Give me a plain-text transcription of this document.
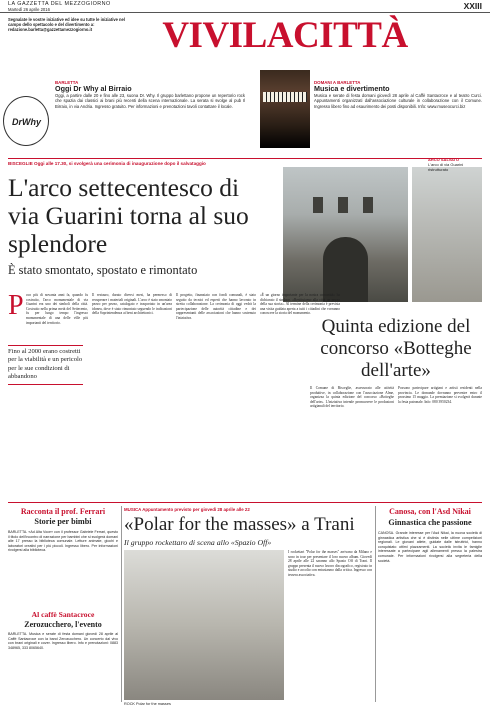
LA GAZZETTA DEL MEZZOGIORNO
Martedì 26 aprile 2016	XXIII
Segnalate le vostre iniziative ed idee su tutte le iniziative nel campo dello spettacolo e del divertimento a: redazione.barletta@gazzettamezzogiorno.it	VIVILACITTÀ
DrWhy
BARLETTA
Oggi Dr Why al Birraio
Oggi, a partire dalle 20 e fino alle 23, suona Dr. Why. Il gruppo barlettano propone un repertorio rock che spazia dai classici ai brani più recenti della scena internazionale. La serata si svolge al pub Il Birraio, in via Andria. Ingresso gratuito. Per informazioni e prenotazioni tavoli contattare il locale.
DOMANI A BARLETTA
Musica e divertimento
Musica e serate di festa domani giovedì 28 aprile al Caffè Santacroce e al teatro Curci. Appuntamenti organizzati dall'associazione culturale in collaborazione con il Comune. Ingresso libero fino ad esaurimento dei posti disponibili. Info: www.museocurci.biz
BISCEGLIE Oggi alle 17.30, si svolgerà una cerimonia di inaugurazione dopo il salvataggio
L'arco settecentesco di via Guarini torna al suo splendore
È stato smontato, spostato e rimontato
ARCO SALVATO
L'arco di via Guarini ristrutturato
P oco più di novanta anni fa, quando fu costruito, l'arco monumentale di via Guarini era uno dei simboli della città. Costruito nella prima metà del Settecento, fu per lungo tempo l'ingresso monumentale di una delle ville più importanti del territorio.
Fino al 2000 erano costretti per la viabilità e un pericolo per le sue condizioni di abbandono
Il restauro, durato diversi mesi, ha permesso di recuperare i materiali originali. L'arco è stato smontato pezzo per pezzo, catalogato e trasportato in un'area idonea, dove è stato rimontato seguendo le indicazioni della Soprintendenza ai beni architettonici.
Il progetto, finanziato con fondi comunali, è stato seguito da tecnici ed esperti che hanno lavorato in stretta collaborazione. La cerimonia di oggi vedrà la partecipazione delle autorità cittadine e dei rappresentanti delle associazioni che hanno sostenuto l'iniziativa.
«È un giorno importante per la nostra comunità» ha dichiarato il sindaco. «Restituiamo alla città un pezzo della sua storia». Al termine della cerimonia è prevista una visita guidata aperta a tutti i cittadini che vorranno conoscere la storia del monumento.
Quinta edizione del concorso «Botteghe dell'arte»
Il Comune di Bisceglie, assessorato alle attività produttive, in collaborazione con l'associazione Alme, organizza la quinta edizione del concorso «Botteghe dell'arte». L'iniziativa intende promuovere le produzioni artigianali del territorio.
Possono partecipare artigiani e artisti residenti nella provincia. Le domande dovranno pervenire entro il prossimo 15 maggio. La premiazione si svolgerà durante la festa patronale. Info: 080 3950234.
Racconta il prof. Ferrari
Storie per bimbi
BARLETTA. «Ad Alta Voce» con il professor Gabriele Ferrari, questo il titolo dell'incontro di narrazione per bambini che si svolgerà domani alle 17 presso la biblioteca comunale. Letture animate, giochi e laboratori creativi per i più piccoli. Ingresso libero. Per informazioni rivolgersi alla biblioteca.
Al caffè Santacroce
Zerozucchero, l'evento
BARLETTA. Musica e serate di festa domani giovedì 28 aprile al Caffè Santacroce con la band Zerozucchero. Un concerto dal vivo con brani originali e cover. Ingresso libero. Info e prenotazioni: 0883 348965, 333 8065640.
MUSICA Appuntamento previsto per giovedì 28 aprile alle 22
«Polar for the masses» a Trani
Il gruppo rockettaro di scena allo «Spazio Off»
ROCK Polar for the masses
I rockettari "Polar for the masses" arrivano da Milano e sono in tour per presentare il loro nuovo album. Giovedì 28 aprile alle 22 saranno allo Spazio Off di Trani. Il gruppo presenta il nuovo lavoro discografico, registrato in studio e accolto con entusiasmo dalla critica. Ingresso con tessera associativa.
Canosa, con l'Asd Nikai
Ginnastica che passione
CANOSA. Grande interesse per l'Asd Nikai, la nuova società di ginnastica artistica che si è distinta nelle ultime competizioni regionali. Le giovani atlete, guidate dalle istruttrici, hanno conquistato ottimi piazzamenti. La società invita le famiglie interessate a partecipare agli allenamenti presso la palestra comunale. Per informazioni rivolgersi alla segreteria della società.
